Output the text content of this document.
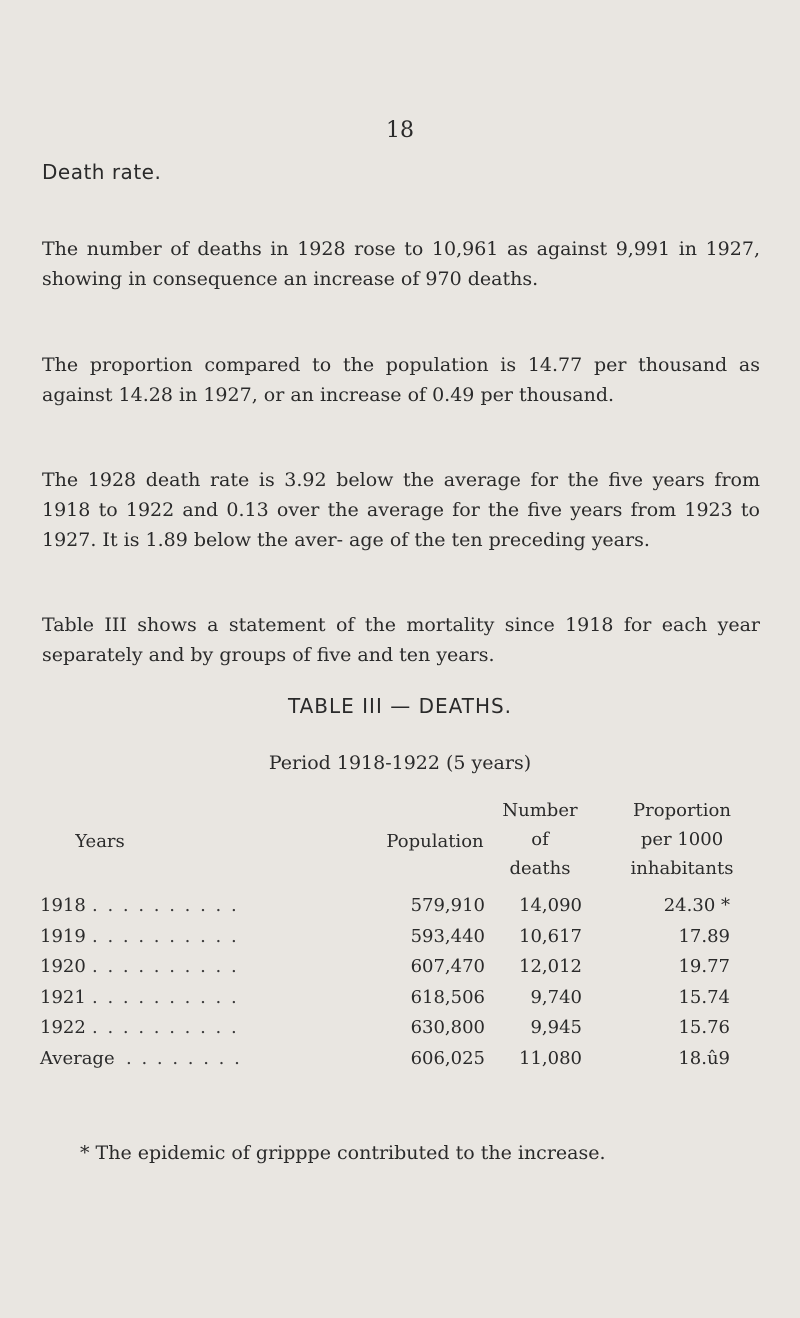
18
Death rate.

The number of deaths in 1928 rose to 10,961 as against 9,991 in 1927, showing in consequence an increase of 970 deaths.

The proportion compared to the population is 14.77 per thousand as against 14.28 in 1927, or an increase of 0.49 per thousand.

The 1928 death rate is 3.92 below the average for the five years from 1918 to 1922 and 0.13 over the average for the five years from 1923 to 1927. It is 1.89 below the aver- age of the ten preceding years.

Table III shows a statement of the mortality since 1918 for each year separately and by groups of five and ten years.

TABLE III — DEATHS.
Period 1918-1922 (5 years)
Years	Population
Number
of
deaths
Proportion
per 1000
inhabitants
1918 . . . . . . . . . .	579,910	14,090	24.30 *
1919 . . . . . . . . . .	593,440	10,617	17.89
1920 . . . . . . . . . .	607,470	12,012	19.77
1921 . . . . . . . . . .	618,506	9,740	15.74
1922 . . . . . . . . . .	630,800	9,945	15.76
Average . . . . . . . .	606,025	11,080	18.û9
* The epidemic of gripppe contributed to the increase.
